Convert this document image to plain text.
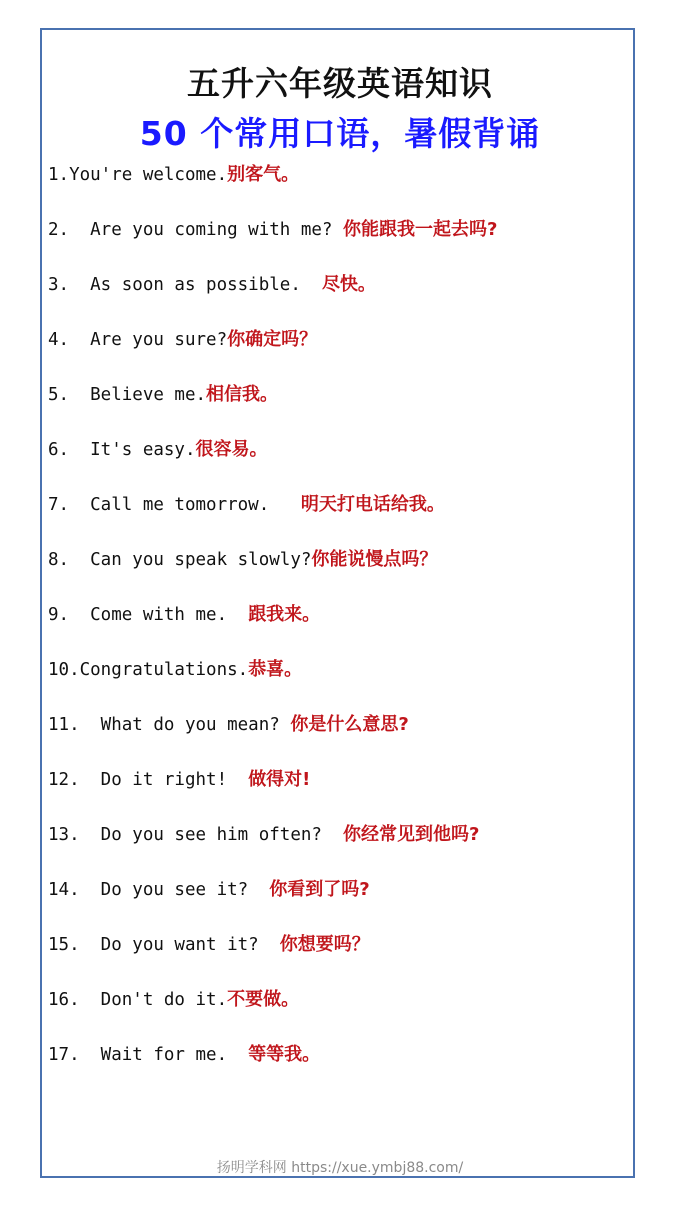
五升六年级英语知识
50 个常用口语，暑假背诵
1.You're welcome.别客气。
2.  Are you coming with me? 你能跟我一起去吗?
3.  As soon as possible.  尽快。
4.  Are you sure?你确定吗？
5.  Believe me.相信我。
6.  It's easy.很容易。
7.  Call me tomorrow.   明天打电话给我。
8.  Can you speak slowly?你能说慢点吗？
9.  Come with me.  跟我来。
10.Congratulations.恭喜。
11.  What do you mean? 你是什么意思?
12.  Do it right!  做得对!
13.  Do you see him often?  你经常见到他吗?
14.  Do you see it?  你看到了吗?
15.  Do you want it?  你想要吗？
16.  Don't do it.不要做。
17.  Wait for me.  等等我。
扬明学科网 https://xue.ymbj88.com/
